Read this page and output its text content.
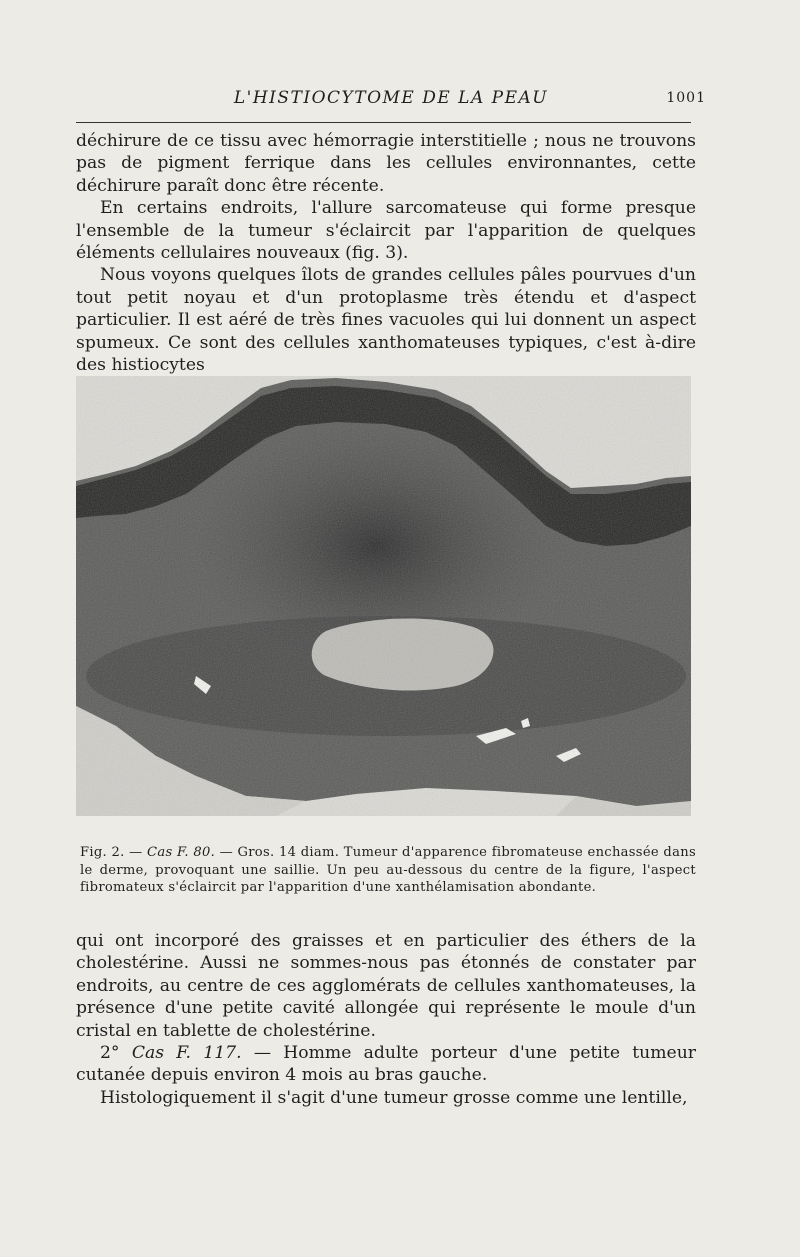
L'HISTIOCYTOME DE LA PEAU	1001

déchirure de ce tissu avec hémorragie interstitielle ; nous ne trouvons pas de pigment ferrique dans les cellules environnantes, cette déchirure paraît donc être récente.

En certains endroits, l'allure sarcomateuse qui forme presque l'ensemble de la tumeur s'éclaircit par l'apparition de quelques éléments cellulaires nouveaux (fig. 3).

Nous voyons quelques îlots de grandes cellules pâles pourvues d'un tout petit noyau et d'un protoplasme très étendu et d'aspect particulier. Il est aéré de très fines vacuoles qui lui donnent un aspect spumeux. Ce sont des cellules xanthomateuses typiques, c'est à-dire des histiocytes

Fig. 2. — Cas F. 80. — Gros. 14 diam. Tumeur d'apparence fibromateuse enchassée dans le derme, provoquant une saillie. Un peu au-dessous du centre de la figure, l'aspect fibromateux s'éclaircit par l'apparition d'une xanthélamisation abondante.

qui ont incorporé des graisses et en particulier des éthers de la cholestérine. Aussi ne sommes-nous pas étonnés de constater par endroits, au centre de ces agglomérats de cellules xanthomateuses, la présence d'une petite cavité allongée qui représente le moule d'un cristal en tablette de cholestérine.

2° Cas F. 117. — Homme adulte porteur d'une petite tumeur cutanée depuis environ 4 mois au bras gauche.

Histologiquement il s'agit d'une tumeur grosse comme une lentille,
